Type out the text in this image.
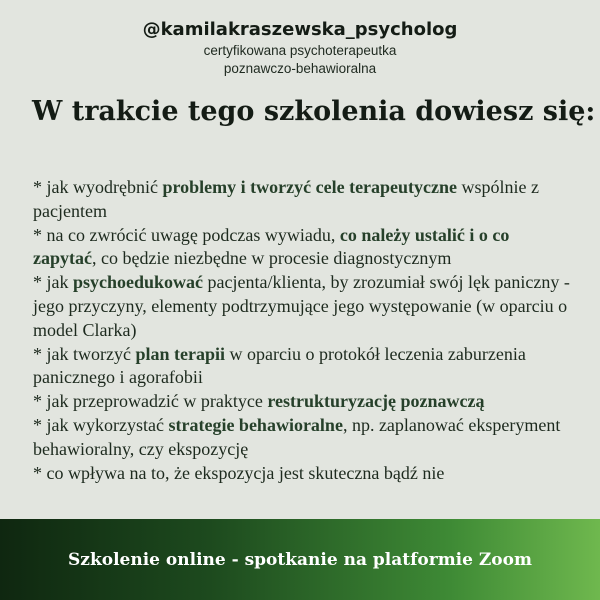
@kamilakraszewska_psycholog
certyfikowana psychoterapeutka
poznawczo-behawioralna
W trakcie tego szkolenia dowiesz się:
* jak wyodrębnić problemy i tworzyć cele terapeutyczne wspólnie z pacjentem
* na co zwrócić uwagę podczas wywiadu, co należy ustalić i o co zapytać, co będzie niezbędne w procesie diagnostycznym
* jak psychoedukować pacjenta/klienta, by zrozumiał swój lęk paniczny - jego przyczyny, elementy podtrzymujące jego występowanie (w oparciu o model Clarka)
* jak tworzyć plan terapii w oparciu o protokół leczenia zaburzenia panicznego i agorafobii
* jak przeprowadzić w praktyce restrukturyzację poznawczą
* jak wykorzystać strategie behawioralne, np. zaplanować eksperyment behawioralny, czy ekspozycję
* co wpływa na to, że ekspozycja jest skuteczna bądź nie
Szkolenie online - spotkanie na platformie Zoom
